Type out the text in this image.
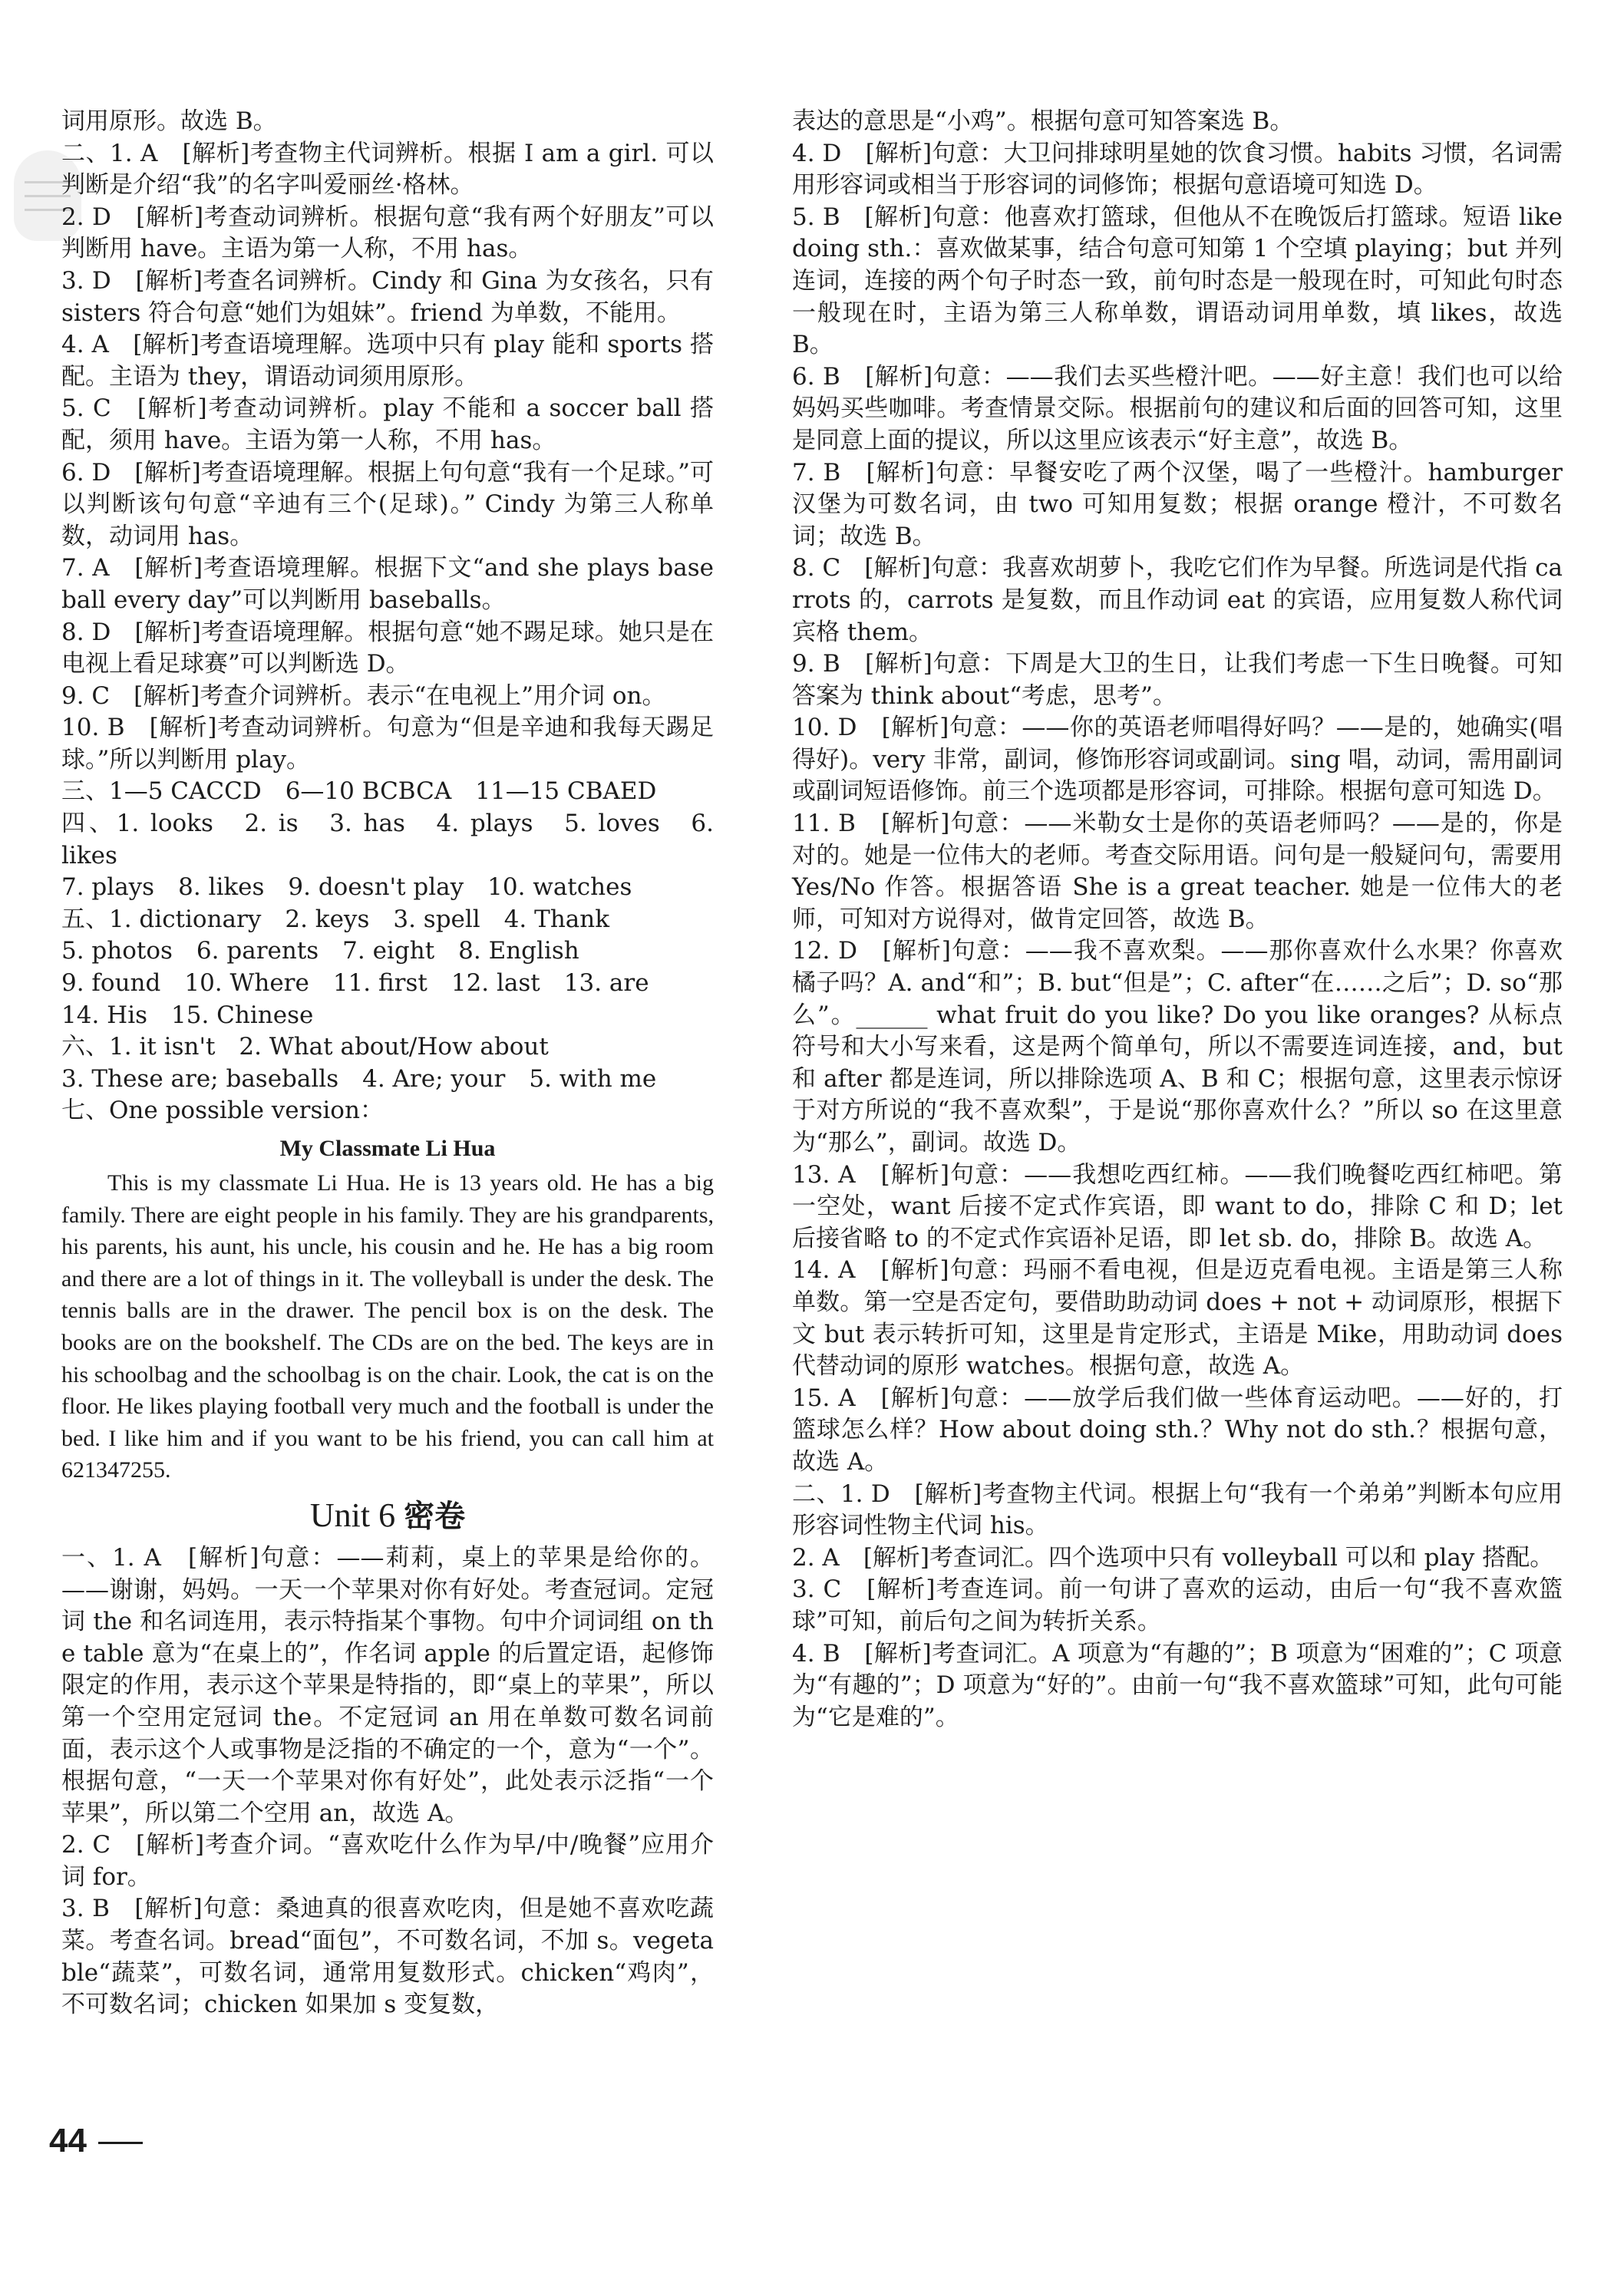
词用原形。故选 B。

二、1. A　[解析]考查物主代词辨析。根据 I am a girl. 可以判断是介绍“我”的名字叫爱丽丝·格林。

2. D　[解析]考查动词辨析。根据句意“我有两个好朋友”可以判断用 have。主语为第一人称，不用 has。

3. D　[解析]考查名词辨析。Cindy 和 Gina 为女孩名，只有 sisters 符合句意“她们为姐妹”。friend 为单数，不能用。

4. A　[解析]考查语境理解。选项中只有 play 能和 sports 搭配。主语为 they，谓语动词须用原形。

5. C　[解析]考查动词辨析。play 不能和 a soccer ball 搭配，须用 have。主语为第一人称，不用 has。

6. D　[解析]考查语境理解。根据上句句意“我有一个足球。”可以判断该句句意“辛迪有三个(足球)。” Cindy 为第三人称单数，动词用 has。

7. A　[解析]考查语境理解。根据下文“and she plays baseball every day”可以判断用 baseballs。

8. D　[解析]考查语境理解。根据句意“她不踢足球。她只是在电视上看足球赛”可以判断选 D。

9. C　[解析]考查介词辨析。表示“在电视上”用介词 on。

10. B　[解析]考查动词辨析。句意为“但是辛迪和我每天踢足球。”所以判断用 play。

三、1—5 CACCD　6—10 BCBCA　11—15 CBAED

四、1. looks　2. is　3. has　4. plays　5. loves　6. likes

7. plays　8. likes　9. doesn't play　10. watches

五、1. dictionary　2. keys　3. spell　4. Thank

5. photos　6. parents　7. eight　8. English

9. found　10. Where　11. first　12. last　13. are

14. His　15. Chinese

六、1. it isn't　2. What about/How about

3. These are; baseballs　4. Are; your　5. with me

七、One possible version：

My Classmate Li Hua

This is my classmate Li Hua. He is 13 years old. He has a big family. There are eight people in his family. They are his grandparents, his parents, his aunt, his uncle, his cousin and he. He has a big room and there are a lot of things in it. The volleyball is under the desk. The tennis balls are in the drawer. The pencil box is on the desk. The books are on the bookshelf. The CDs are on the bed. The keys are in his schoolbag and the schoolbag is on the chair. Look, the cat is on the floor. He likes playing football very much and the football is under the bed. I like him and if you want to be his friend, you can call him at 621347255.

Unit 6 密卷

一、1. A　[解析]句意：——莉莉，桌上的苹果是给你的。——谢谢，妈妈。一天一个苹果对你有好处。考查冠词。定冠词 the 和名词连用，表示特指某个事物。句中介词词组 on the table 意为“在桌上的”，作名词 apple 的后置定语，起修饰限定的作用，表示这个苹果是特指的，即“桌上的苹果”，所以第一个空用定冠词 the。不定冠词 an 用在单数可数名词前面，表示这个人或事物是泛指的不确定的一个，意为“一个”。根据句意，“一天一个苹果对你有好处”，此处表示泛指“一个苹果”，所以第二个空用 an，故选 A。

2. C　[解析]考查介词。“喜欢吃什么作为早/中/晚餐”应用介词 for。

3. B　[解析]句意：桑迪真的很喜欢吃肉，但是她不喜欢吃蔬菜。考查名词。bread“面包”，不可数名词，不加 s。vegetable“蔬菜”，可数名词，通常用复数形式。chicken“鸡肉”，不可数名词；chicken 如果加 s 变复数，

表达的意思是“小鸡”。根据句意可知答案选 B。

4. D　[解析]句意：大卫问排球明星她的饮食习惯。habits 习惯，名词需用形容词或相当于形容词的词修饰；根据句意语境可知选 D。

5. B　[解析]句意：他喜欢打篮球，但他从不在晚饭后打篮球。短语 like doing sth.：喜欢做某事，结合句意可知第 1 个空填 playing；but 并列连词，连接的两个句子时态一致，前句时态是一般现在时，可知此句时态一般现在时，主语为第三人称单数，谓语动词用单数，填 likes，故选 B。

6. B　[解析]句意：——我们去买些橙汁吧。——好主意！我们也可以给妈妈买些咖啡。考查情景交际。根据前句的建议和后面的回答可知，这里是同意上面的提议，所以这里应该表示“好主意”，故选 B。

7. B　[解析]句意：早餐安吃了两个汉堡，喝了一些橙汁。hamburger 汉堡为可数名词，由 two 可知用复数；根据 orange 橙汁，不可数名词；故选 B。

8. C　[解析]句意：我喜欢胡萝卜，我吃它们作为早餐。所选词是代指 carrots 的，carrots 是复数，而且作动词 eat 的宾语，应用复数人称代词宾格 them。

9. B　[解析]句意：下周是大卫的生日，让我们考虑一下生日晚餐。可知答案为 think about“考虑，思考”。

10. D　[解析]句意：——你的英语老师唱得好吗？——是的，她确实(唱得好)。very 非常，副词，修饰形容词或副词。sing 唱，动词，需用副词或副词短语修饰。前三个选项都是形容词，可排除。根据句意可知选 D。

11. B　[解析]句意：——米勒女士是你的英语老师吗？——是的，你是对的。她是一位伟大的老师。考查交际用语。问句是一般疑问句，需要用 Yes/No 作答。根据答语 She is a great teacher. 她是一位伟大的老师，可知对方说得对，做肯定回答，故选 B。

12. D　[解析]句意：——我不喜欢梨。——那你喜欢什么水果？你喜欢橘子吗？A. and“和”；B. but“但是”；C. after“在……之后”；D. so“那么”。______ what fruit do you like? Do you like oranges? 从标点符号和大小写来看，这是两个简单句，所以不需要连词连接，and，but 和 after 都是连词，所以排除选项 A、B 和 C；根据句意，这里表示惊讶于对方所说的“我不喜欢梨”，于是说“那你喜欢什么？”所以 so 在这里意为“那么”，副词。故选 D。

13. A　[解析]句意：——我想吃西红柿。——我们晚餐吃西红柿吧。第一空处，want 后接不定式作宾语，即 want to do，排除 C 和 D；let 后接省略 to 的不定式作宾语补足语，即 let sb. do，排除 B。故选 A。

14. A　[解析]句意：玛丽不看电视，但是迈克看电视。主语是第三人称单数。第一空是否定句，要借助助动词 does + not + 动词原形，根据下文 but 表示转折可知，这里是肯定形式，主语是 Mike，用助动词 does 代替动词的原形 watches。根据句意，故选 A。

15. A　[解析]句意：——放学后我们做一些体育运动吧。——好的，打篮球怎么样？How about doing sth.？Why not do sth.？根据句意，故选 A。

二、1. D　[解析]考查物主代词。根据上句“我有一个弟弟”判断本句应用形容词性物主代词 his。

2. A　[解析]考查词汇。四个选项中只有 volleyball 可以和 play 搭配。

3. C　[解析]考查连词。前一句讲了喜欢的运动，由后一句“我不喜欢篮球”可知，前后句之间为转折关系。

4. B　[解析]考查词汇。A 项意为“有趣的”；B 项意为“困难的”；C 项意为“有趣的”；D 项意为“好的”。由前一句“我不喜欢篮球”可知，此句可能为“它是难的”。

44
